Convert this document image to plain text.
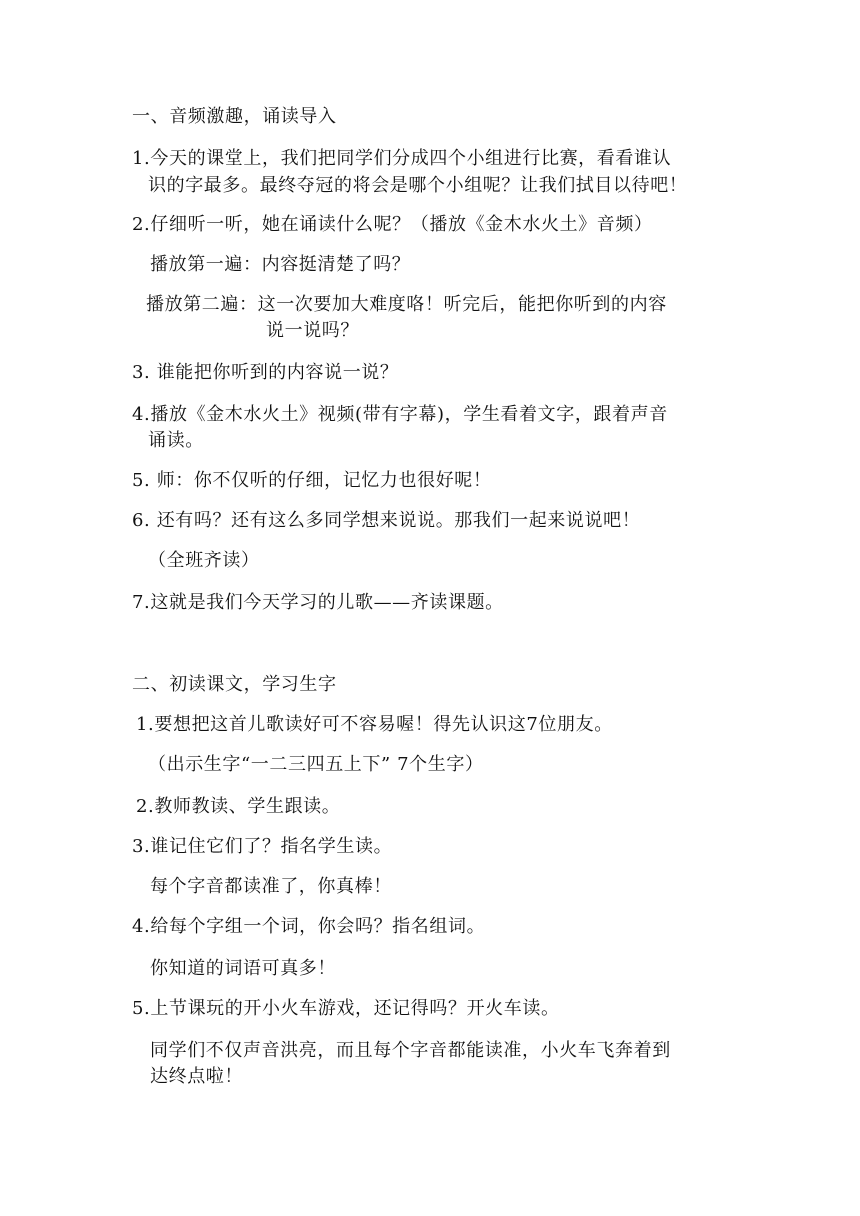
一、音频激趣，诵读导入
1.今天的课堂上，我们把同学们分成四个小组进行比赛，看看谁认
识的字最多。最终夺冠的将会是哪个小组呢？让我们拭目以待吧！
2.仔细听一听，她在诵读什么呢？（播放《金木水火土》音频）
播放第一遍：内容挺清楚了吗？
播放第二遍：这一次要加大难度咯！听完后，能把你听到的内容
说一说吗？
3. 谁能把你听到的内容说一说？
4.播放《金木水火土》视频(带有字幕)，学生看着文字，跟着声音
诵读。
5. 师：你不仅听的仔细，记忆力也很好呢！
6. 还有吗？还有这么多同学想来说说。那我们一起来说说吧！
（全班齐读）
7.这就是我们今天学习的儿歌——齐读课题。
二、初读课文，学习生字
1.要想把这首儿歌读好可不容易喔！得先认识这7位朋友。
（出示生字“一二三四五上下” 7个生字）
2.教师教读、学生跟读。
3.谁记住它们了？指名学生读。
每个字音都读准了，你真棒！
4.给每个字组一个词，你会吗？指名组词。
你知道的词语可真多！
5.上节课玩的开小火车游戏，还记得吗？开火车读。
同学们不仅声音洪亮，而且每个字音都能读准，小火车飞奔着到
达终点啦！
